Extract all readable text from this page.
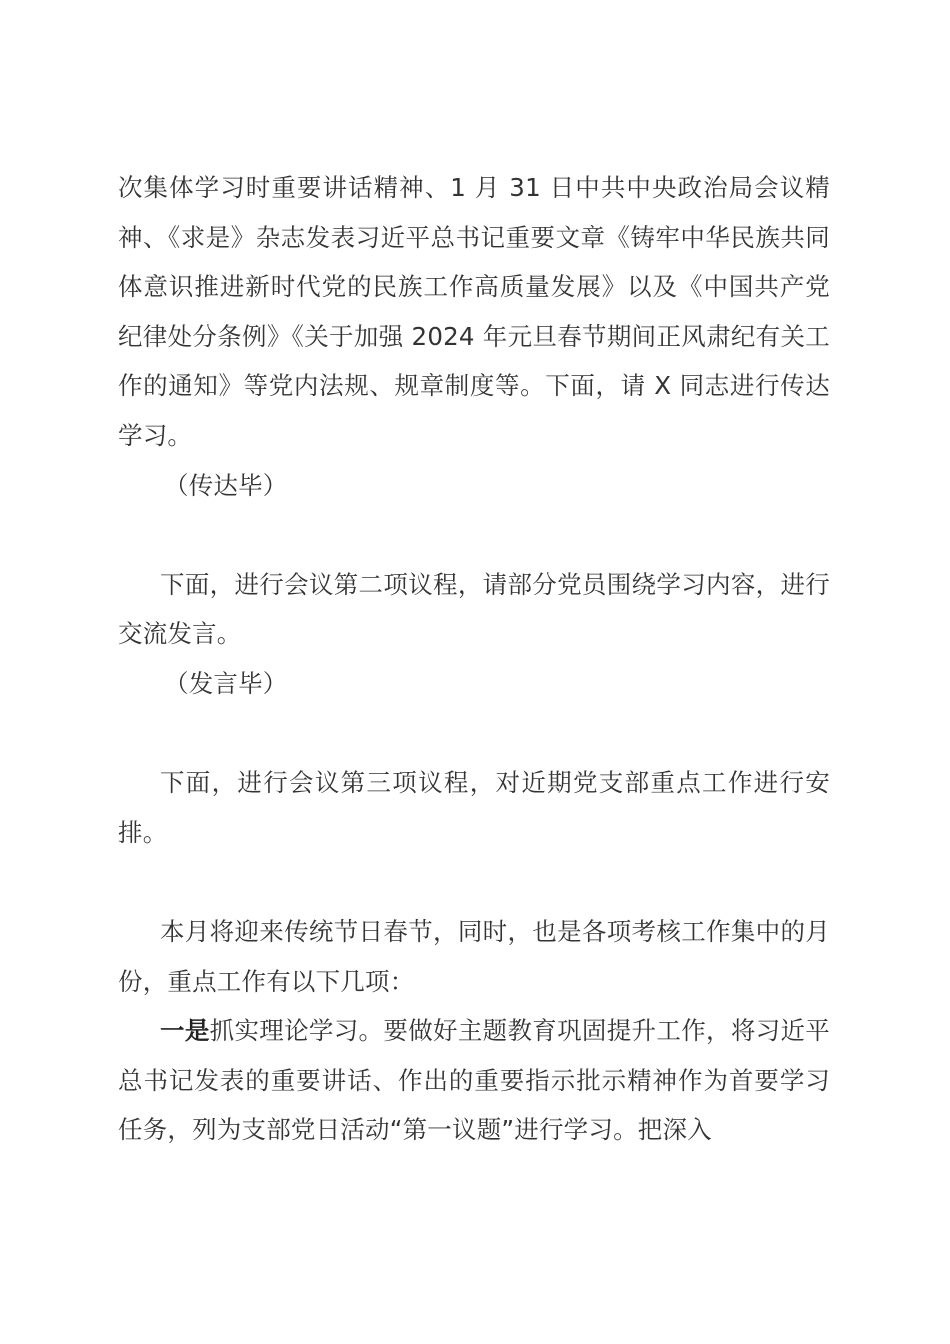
次集体学习时重要讲话精神、1 月 31 日中共中央政治局会议精神、《求是》杂志发表习近平总书记重要文章《铸牢中华民族共同体意识推进新时代党的民族工作高质量发展》以及《中国共产党纪律处分条例》《关于加强 2024 年元旦春节期间正风肃纪有关工作的通知》等党内法规、规章制度等。下面，请 X 同志进行传达学习。

（传达毕）

下面，进行会议第二项议程，请部分党员围绕学习内容，进行交流发言。

（发言毕）

下面，进行会议第三项议程，对近期党支部重点工作进行安排。

本月将迎来传统节日春节，同时，也是各项考核工作集中的月份，重点工作有以下几项：

一是抓实理论学习。要做好主题教育巩固提升工作，将习近平总书记发表的重要讲话、作出的重要指示批示精神作为首要学习任务，列为支部党日活动“第一议题”进行学习。把深入
